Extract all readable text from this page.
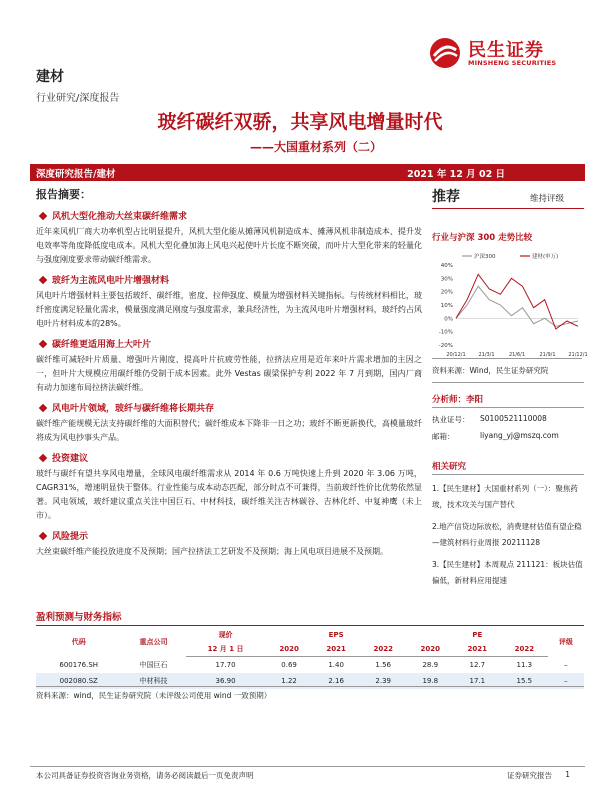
民生证券
MINSHENG SECURITIES
建材
行业研究/深度报告
玻纤碳纤双骄，共享风电增量时代
——大国重材系列（二）
深度研究报告/建材	2021 年 12 月 02 日
报告摘要：
风机大型化推动大丝束碳纤维需求
近年来风机厂商大功率机型占比明显提升，风机大型化能从摊薄风机制造成本、摊薄风机非制造成本、提升发电效率等角度降低度电成本。风机大型化叠加海上风电兴起使叶片长度不断突破，而叶片大型化带来的轻量化与强度刚度要求带动碳纤维需求。
玻纤为主流风电叶片增强材料
风电叶片增强材料主要包括玻纤、碳纤维，密度、拉伸强度、模量为增强材料关键指标。与传统材料相比，玻纤密度满足轻量化需求，模量强度满足刚度与强度需求，兼具经济性，为主流风电叶片增强材料，玻纤约占风电叶片材料成本的28%。
碳纤维更适用海上大叶片
碳纤维可减轻叶片质量、增强叶片刚度、提高叶片抗疲劳性能，拉挤法应用是近年来叶片需求增加的主因之一，但叶片大规模应用碳纤维仍受制于成本因素。此外 Vestas 碳梁保护专利 2022 年 7 月到期，国内厂商有动力加速布局拉挤法碳纤维。
风电叶片领域，玻纤与碳纤维将长期共存
碳纤维产能规模无法支持碳纤维的大面积替代；碳纤维成本下降非一日之功；玻纤不断更新换代，高模量玻纤将成为风电抄事头产品。
投资建议
玻纤与碳纤有望共享风电增量，全球风电碳纤维需求从 2014 年 0.6 万吨快速上升到 2020 年 3.06 万吨，CAGR31%，增速明显快于整体。行业性能与成本动态匹配，部分时点不可兼得，当前玻纤性价比优势依然显著。风电领域，玻纤建议重点关注中国巨石、中材科技，碳纤维关注吉林碳谷、吉林化纤、中复神鹰（未上市）。
风险提示
大丝束碳纤维产能投放进度不及预期；国产拉挤法工艺研发不及预期；海上风电项目进展不及预期。
推荐	维持评级
行业与沪深 300 走势比较
40%
30%
20%
10%
0%
-10%
-20%
20/12/1	21/3/1	21/6/1	21/9/1	21/12/1
沪深300	建材(申万)
资料来源：Wind，民生证券研究院
分析师：李阳
执业证号：	S0100521110008
邮箱：	liyang_yj@mszq.com
相关研究
1.【民生建材】大国重材系列（一）：聚焦药玻，技术攻关与国产替代
2.地产信贷边际放松，消费建材估值有望企稳 —建筑材料行业周报 20211128
3.【民生建材】本周观点 211121：板块估值偏低，新材料应用提速
盈利预测与财务指标
代码	重点公司	现价	EPS			PE			评级
		12 月 1 日	2020	2021	2022	2020	2021	2022	
600176.SH	中国巨石	17.70	0.69	1.40	1.56	28.9	12.7	11.3	–
002080.SZ	中材科技	36.90	1.22	2.16	2.39	19.8	17.1	15.5	–
资料来源：wind，民生证券研究院（未评级公司使用 wind 一致预期）
本公司具备证券投资咨询业务资格，请务必阅读最后一页免责声明	证券研究报告 1
